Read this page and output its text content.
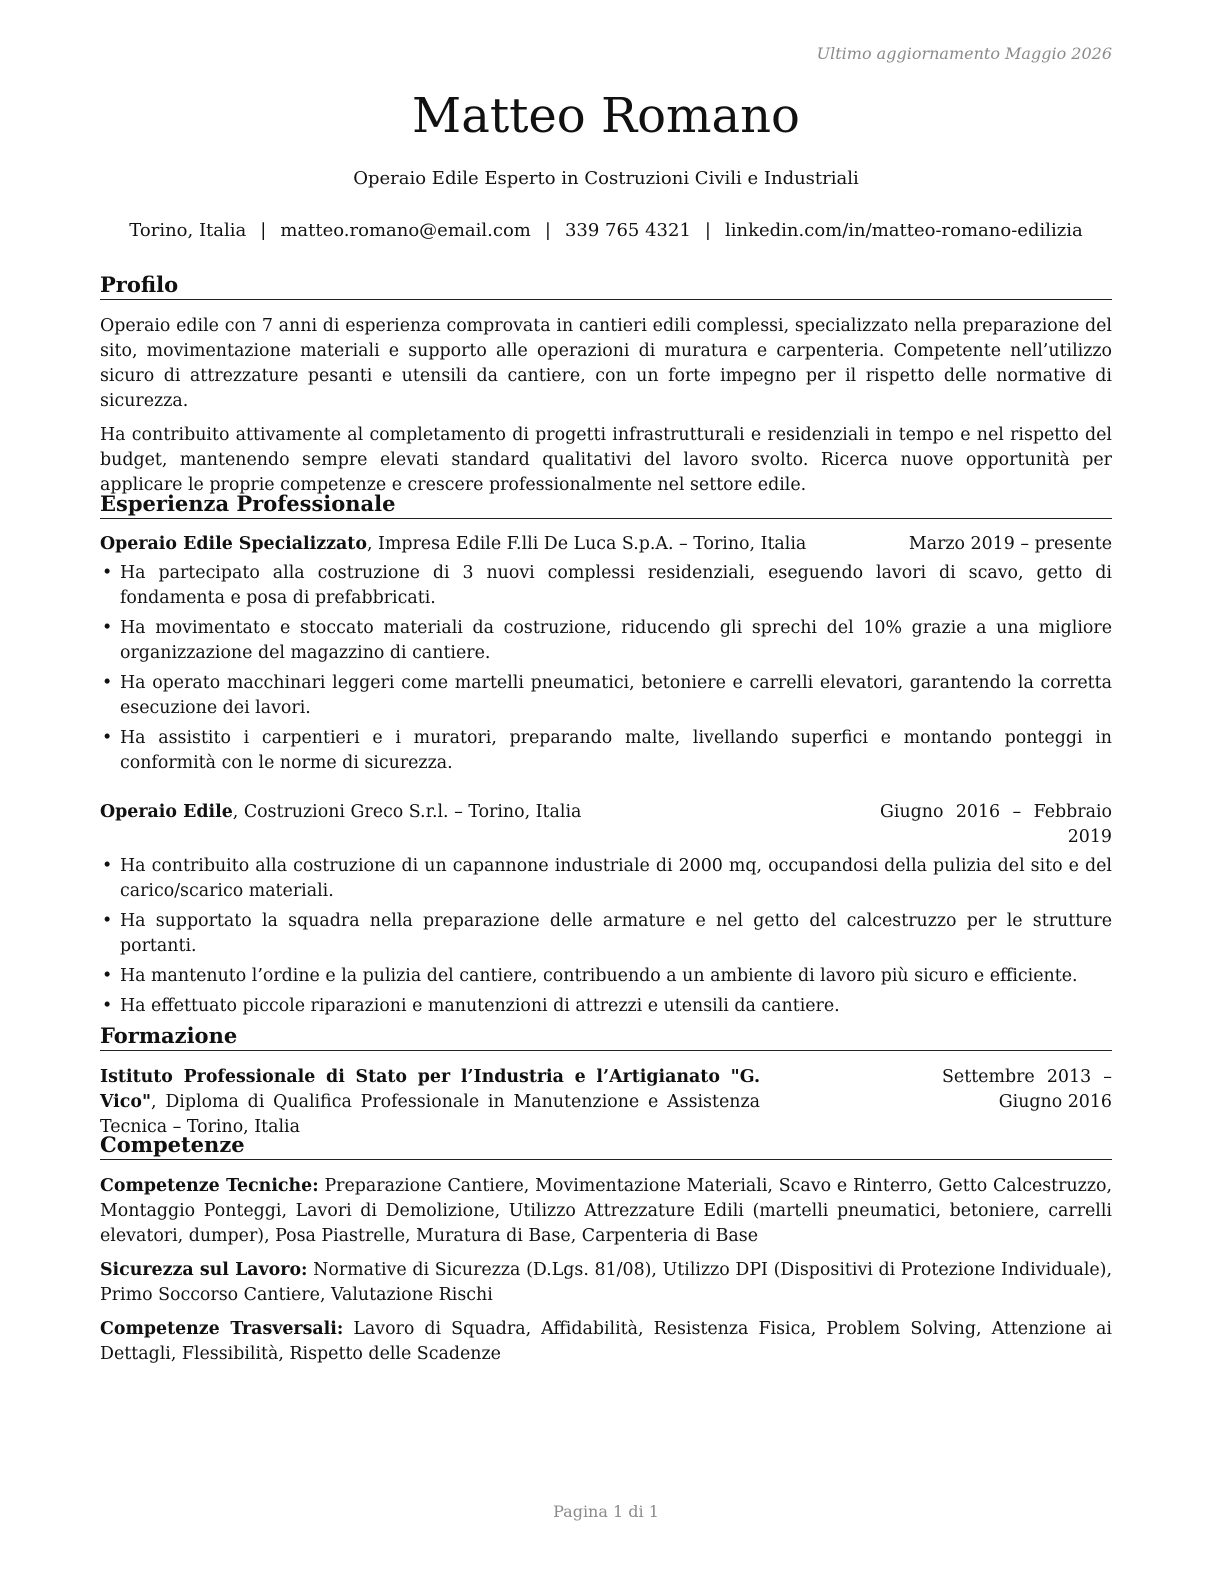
Ultimo aggiornamento Maggio 2026
Matteo Romano
Operaio Edile Esperto in Costruzioni Civili e Industriali
Torino, Italia | matteo.romano@email.com | 339 765 4321 | linkedin.com/in/matteo-romano-edilizia
Profilo

Operaio edile con 7 anni di esperienza comprovata in cantieri edili complessi, specializzato nella preparazione del sito, movimentazione materiali e supporto alle operazioni di muratura e carpenteria. Competente nell’utilizzo sicuro di attrezzature pesanti e utensili da cantiere, con un forte impegno per il rispetto delle normative di sicurezza.

Ha contribuito attivamente al completamento di progetti infrastrutturali e residenziali in tempo e nel rispetto del budget, mantenendo sempre elevati standard qualitativi del lavoro svolto. Ricerca nuove opportunità per applicare le proprie competenze e crescere professionalmente nel settore edile.

Esperienza Professionale
Operaio Edile Specializzato, Impresa Edile F.lli De Luca S.p.A. – Torino, Italia	Marzo 2019 – presente
• Ha partecipato alla costruzione di 3 nuovi complessi residenziali, eseguendo lavori di scavo, getto di fondamenta e posa di prefabbricati.
• Ha movimentato e stoccato materiali da costruzione, riducendo gli sprechi del 10% grazie a una migliore organizzazione del magazzino di cantiere.
• Ha operato macchinari leggeri come martelli pneumatici, betoniere e carrelli elevatori, garantendo la corretta esecuzione dei lavori.
• Ha assistito i carpentieri e i muratori, preparando malte, livellando superfici e montando ponteggi in conformità con le norme di sicurezza.
Operaio Edile, Costruzioni Greco S.r.l. – Torino, Italia	Giugno 2016 – Febbraio 2019
• Ha contribuito alla costruzione di un capannone industriale di 2000 mq, occupandosi della pulizia del sito e del carico/scarico materiali.
• Ha supportato la squadra nella preparazione delle armature e nel getto del calcestruzzo per le strutture portanti.
• Ha mantenuto l’ordine e la pulizia del cantiere, contribuendo a un ambiente di lavoro più sicuro e efficiente.
• Ha effettuato piccole riparazioni e manutenzioni di attrezzi e utensili da cantiere.
Formazione
Istituto Professionale di Stato per l’Industria e l’Artigianato "G. Vico", Diploma di Qualifica Professionale in Manutenzione e Assistenza Tecnica – Torino, Italia
Settembre 2013 – Giugno 2016
Competenze

Competenze Tecniche: Preparazione Cantiere, Movimentazione Materiali, Scavo e Rinterro, Getto Calcestruzzo, Montaggio Ponteggi, Lavori di Demolizione, Utilizzo Attrezzature Edili (martelli pneumatici, betoniere, carrelli elevatori, dumper), Posa Piastrelle, Muratura di Base, Carpenteria di Base

Sicurezza sul Lavoro: Normative di Sicurezza (D.Lgs. 81/08), Utilizzo DPI (Dispositivi di Protezione Individuale), Primo Soccorso Cantiere, Valutazione Rischi

Competenze Trasversali: Lavoro di Squadra, Affidabilità, Resistenza Fisica, Problem Solving, Attenzione ai Dettagli, Flessibilità, Rispetto delle Scadenze

Pagina 1 di 1
